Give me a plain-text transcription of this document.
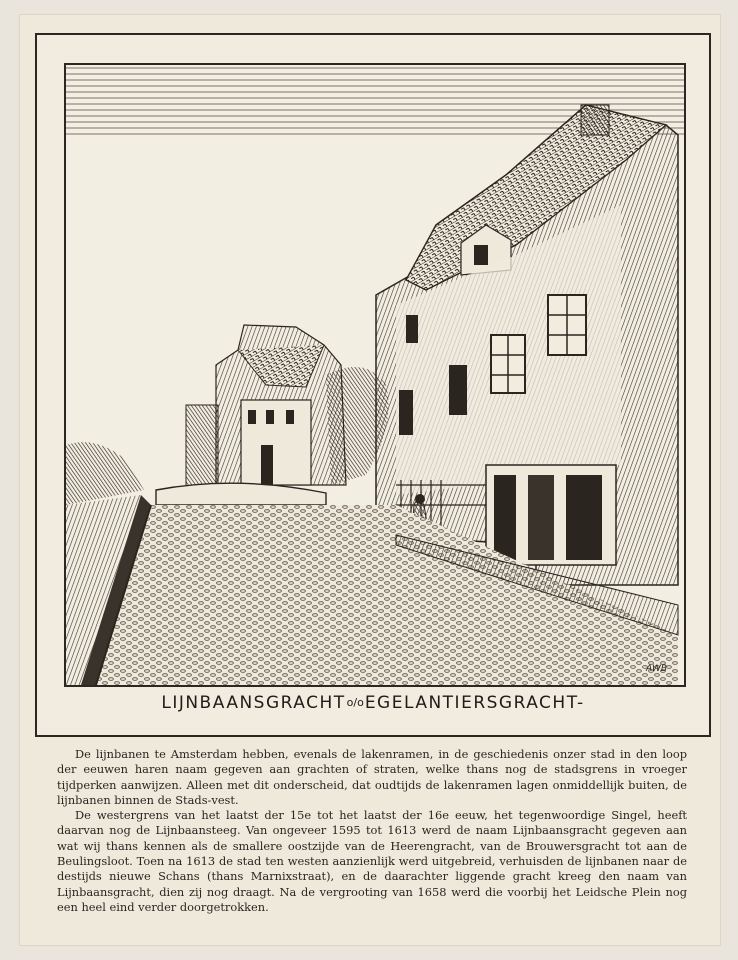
AWB
LIJNBAANSGRACHTo/oEGELANTIERSGRACHT-

De lijnbanen te Amsterdam hebben, evenals de lakenramen, in de geschiedenis onzer stad in den loop der eeuwen haren naam gegeven aan grachten of straten, welke thans nog de stadsgrens in vroeger tijdperken aanwijzen. Alleen met dit onderscheid, dat oudtijds de lakenramen lagen onmiddellijk buiten, de lijnbanen binnen de Stads-vest.

De westergrens van het laatst der 15e tot het laatst der 16e eeuw, het tegenwoordige Singel, heeft daarvan nog de Lijnbaansteeg. Van ongeveer 1595 tot 1613 werd de naam Lijnbaansgracht gegeven aan wat wij thans kennen als de smallere oostzijde van de Heerengracht, van de Brouwersgracht tot aan de Beulingsloot. Toen na 1613 de stad ten westen aanzienlijk werd uitgebreid, verhuisden de lijnbanen naar de destijds nieuwe Schans (thans Marnixstraat), en de daarachter liggende gracht kreeg den naam van Lijnbaansgracht, dien zij nog draagt. Na de vergrooting van 1658 werd die voorbij het Leidsche Plein nog een heel eind verder doorgetrokken.
